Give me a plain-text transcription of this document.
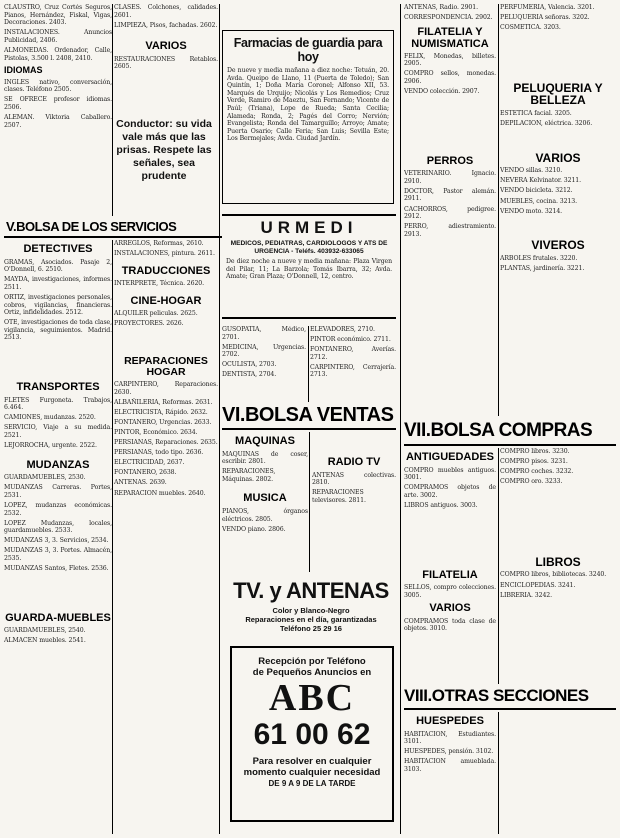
CLAUSTRO, Cruz Cortés Seguros, Pianos, Hernández, Fiskal, Vigas, Decoraciones. 2403.

INSTALACIONES. Anuncios Publicidad, 2406.

ALMONEDAS. Ordenador, Calle, Pistolas, 3.500 l. 2408, 2410.

IDIOMAS

INGLES nativo, conversación, clases. Teléfono 2505.

SE OFRECE profesor idiomas. 2506.

ALEMAN. Viktoria Caballero. 2507.

V.BOLSA DE LOS SERVICIOS
DETECTIVES

GRAMAS, Asociados. Pasaje 2, O'Donnell, 6. 2510.

MAYDA, investigaciones, informes. 2511.

ORTIZ, investigaciones personales, cobros, vigilancias, financieras. Ortiz, infidelidades. 2512.

OTE, investigaciones de toda clase, vigilancia, seguimientos. Madrid. 2513.

TRANSPORTES

FLETES Furgoneta. Trabajos, 6.464.

CAMIONES, mudanzas. 2520.

SERVICIO, Viaje a su medida. 2521.

LEJORROCHA, urgente. 2522.

MUDANZAS

GUARDAMUEBLES, 2530.

MUDANZAS Carreras. Portes, 2531.

LOPEZ, mudanzas económicas. 2532.

LOPEZ Mudanzas, locales, guardamuebles. 2533.

MUDANZAS 3, 3. Servicios, 2534.

MUDANZAS 3, 3. Portes. Almacén, 2535.

MUDANZAS Santos, Fletes. 2536.

GUARDA-MUEBLES

GUARDAMUEBLES, 2540.

ALMACEN muebles. 2541.

CLASES. Colchones, calidades. 2601.

LIMPIEZA, Pisos, fachadas. 2602.

VARIOS

RESTAURACIONES Retablos. 2605.

Conductor: su vida vale más que las prisas. Respete las señales, sea prudente

ARREGLOS, Reformas, 2610.

INSTALACIONES, pintura. 2611.

TRADUCCIONES

INTERPRETE, Técnica. 2620.

CINE-HOGAR

ALQUILER peliculas. 2625.

PROYECTORES. 2626.

REPARACIONES HOGAR

CARPINTERO, Reparaciones. 2630.

ALBAÑILERIA, Reformas. 2631.

ELECTRICISTA, Rápido. 2632.

FONTANERO, Urgencias. 2633.

PINTOR, Económico. 2634.

PERSIANAS, Reparaciones. 2635.

PERSIANAS, todo tipo. 2636.

ELECTRICIDAD, 2637.

FONTANERO, 2638.

ANTENAS. 2639.

REPARACION muebles. 2640.

Farmacias de guardia para hoy

De nueve y media mañana a diez noche: Tetuán, 20. Avda. Queipo de Llano, 11 (Puerta de Toledo); San Quintín, 1; Doña María Coronel; Alfonso XII, 53. Marqués de Urquijo; Nicolás y Los Remedios; Cruz Verde, Ramiro de Maeztu, San Fernando; Vicente de Paúl; (Triana), Lope de Rueda; Santa Cecilia; Alameda; Ronda, 2; Pagés del Corro; Nervión; Evangelista; Ronda del Tamarguillo; Arroyo; Amate; Puerta Osario; Calle Feria; San Luis; Sevilla Este; Los Bermejales; Avda. Ciudad Jardín.

URMEDI
MEDICOS, PEDIATRAS, CARDIOLOGOS Y ATS DE URGENCIA - Teléfs. 403932-633065

De diez noche a nueve y media mañana: Plaza Virgen del Pilar, 11; La Barzola; Tomás Ibarra, 32; Avda. Amate; Gran Plaza; O'Donnell, 12, centro.

GUSOPATÍA, Médico, 2701.

MEDICINA, Urgencias. 2702.

OCULISTA, 2703.

DENTISTA, 2704.

ELEVADORES, 2710.

PINTOR económico. 2711.

FONTANERO, Averías. 2712.

CARPINTERO, Cerrajería. 2713.

VI.BOLSA VENTAS
MAQUINAS

MAQUINAS de coser, escribir. 2801.

REPARACIONES, Máquinas. 2802.

MUSICA

PIANOS, órganos eléctricos. 2805.

VENDO piano. 2806.

RADIO TV

ANTENAS colectivas. 2810.

REPARACIONES televisores. 2811.

TV. y ANTENAS
Color y Blanco-Negro
Reparaciones en el día, garantizadas
Teléfono 25 29 16
Recepción por Teléfono
de Pequeños Anuncios en
ABC
61 00 62
Para resolver en cualquier momento cualquier necesidad
DE 9 A 9 DE LA TARDE

ANTENAS, Radio. 2901.

CORRESPONDENCIA. 2902.

FILATELIA Y NUMISMATICA

FELIX, Monedas, billetes. 2905.

COMPRO sellos, monedas. 2906.

VENDO colección. 2907.

PERROS

VETERINARIO. Ignacio. 2910.

DOCTOR, Pastor alemán. 2911.

CACHORROS, pedigree. 2912.

PERRO, adiestramiento. 2913.

VII.BOLSA COMPRAS
ANTIGUEDADES

COMPRO muebles antiguos. 3001.

COMPRAMOS objetos de arte. 3002.

LIBROS antiguos. 3003.

FILATELIA

SELLOS, compro colecciones. 3005.

VARIOS

COMPRAMOS toda clase de objetos. 3010.

VIII.OTRAS SECCIONES
HUESPEDES

HABITACION, Estudiantes. 3101.

HUESPEDES, pensión. 3102.

HABITACION amueblada. 3103.

PERFUMERIA, Valencia. 3201.

PELUQUERIA señoras. 3202.

COSMETICA. 3203.

PELUQUERIA Y BELLEZA

ESTETICA facial. 3205.

DEPILACION, eléctrica. 3206.

VARIOS

VENDO sillas. 3210.

NEVERA Kelvinator. 3211.

VENDO bicicleta. 3212.

MUEBLES, cocina. 3213.

VENDO moto. 3214.

VIVEROS

ARBOLES frutales. 3220.

PLANTAS, jardinería. 3221.

COMPRO libros. 3230.

COMPRO pisos. 3231.

COMPRO coches. 3232.

COMPRO oro. 3233.

LIBROS

COMPRO libros, bibliotecas. 3240.

ENCICLOPEDIAS. 3241.

LIBRERIA. 3242.
